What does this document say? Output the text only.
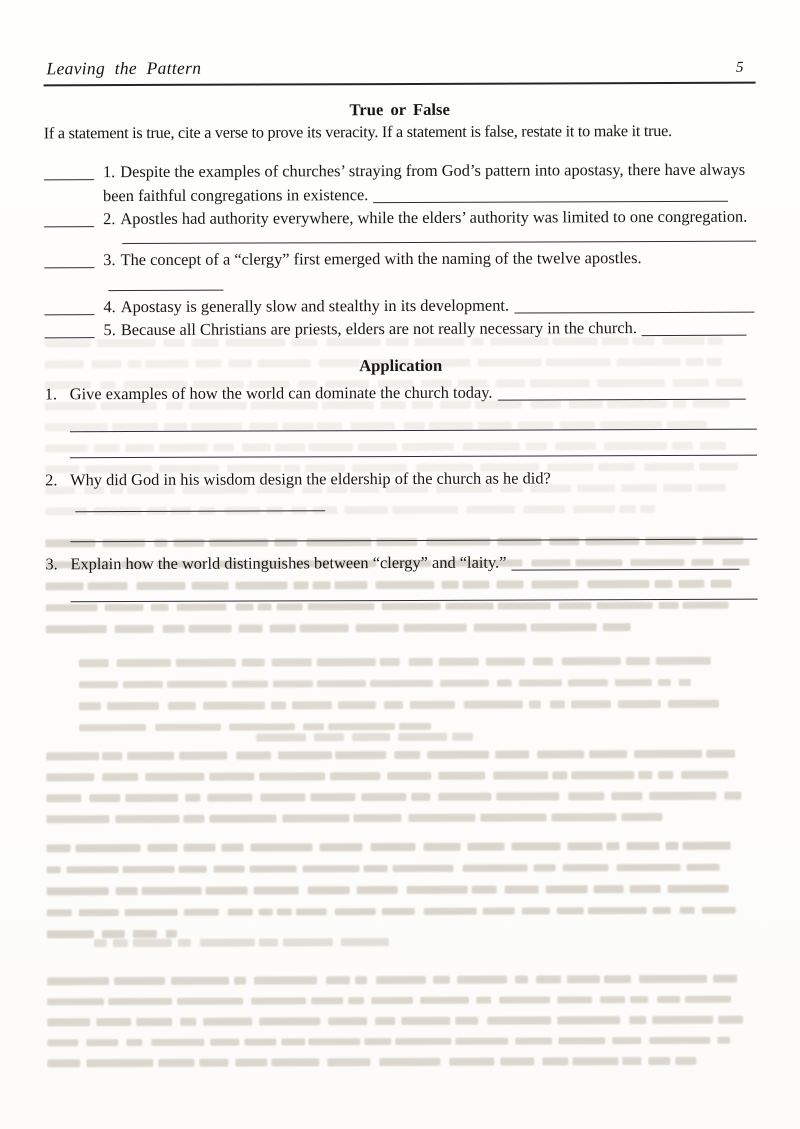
Leaving the Pattern	5
True or False

If a statement is true, cite a verse to prove its veracity. If a statement is false, restate it to make it true.

1. Despite the examples of churches’ straying from God’s pattern into apostasy, there have always been faithful congregations in existence.
2. Apostles had authority everywhere, while the elders’ authority was limited to one congregation.
3. The concept of a “clergy” first emerged with the naming of the twelve apostles.
4. Apostasy is generally slow and stealthy in its development.
5. Because all Christians are priests, elders are not really necessary in the church.
Application
1. Give examples of how the world can dominate the church today.
2. Why did God in his wisdom design the eldership of the church as he did?
3. Explain how the world distinguishes between “clergy” and “laity.”
